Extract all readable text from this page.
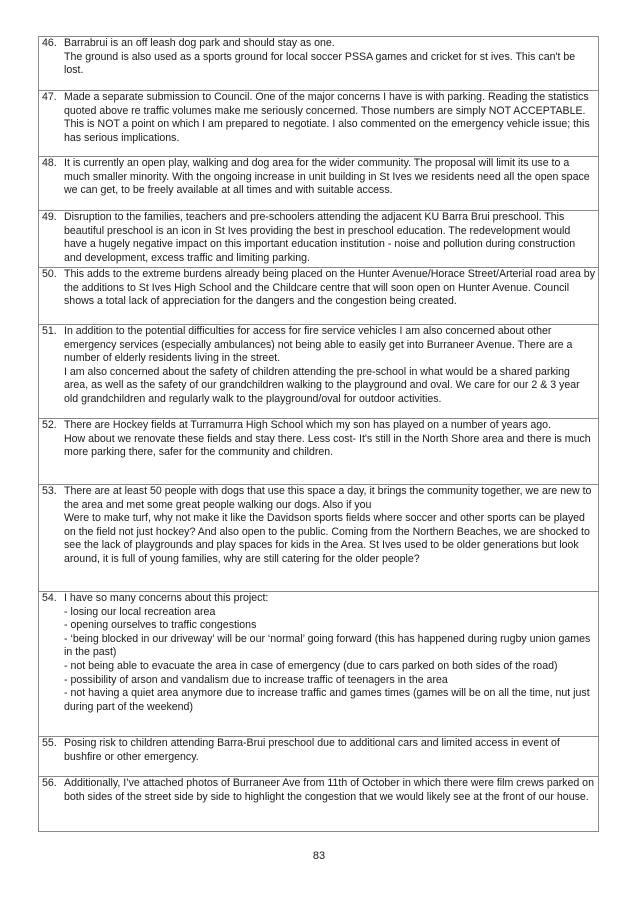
46. Barrabrui is an off leash dog park and should stay as one.
The ground is also used as a sports ground for local soccer PSSA games and cricket for st ives. This can't be lost.

47. Made a separate submission to Council. One of the major concerns I have is with parking. Reading the statistics quoted above re traffic volumes make me seriously concerned. Those numbers are simply NOT ACCEPTABLE. This is NOT a point on which I am prepared to negotiate. I also commented on the emergency vehicle issue; this has serious implications.

48. It is currently an open play, walking and dog area for the wider community. The proposal will limit its use to a much smaller minority. With the ongoing increase in unit building in St Ives we residents need all the open space we can get, to be freely available at all times and with suitable access.

49. Disruption to the families, teachers and pre-schoolers attending the adjacent KU Barra Brui preschool. This beautiful preschool is an icon in St Ives providing the best in preschool education. The redevelopment would have a hugely negative impact on this important education institution - noise and pollution during construction and development, excess traffic and limiting parking.

50. This adds to the extreme burdens already being placed on the Hunter Avenue/Horace Street/Arterial road area by the additions to St Ives High School and the Childcare centre that will soon open on Hunter Avenue. Council shows a total lack of appreciation for the dangers and the congestion being created.

51. In addition to the potential difficulties for access for fire service vehicles I am also concerned about other emergency services (especially ambulances) not being able to easily get into Burraneer Avenue. There are a number of elderly residents living in the street.
I am also concerned about the safety of children attending the pre-school in what would be a shared parking area, as well as the safety of our grandchildren walking to the playground and oval. We care for our 2 & 3 year old grandchildren and regularly walk to the playground/oval for outdoor activities.

52. There are Hockey fields at Turramurra High School which my son has played on a number of years ago.
How about we renovate these fields and stay there. Less cost- It's still in the North Shore area and there is much more parking there, safer for the community and children.

53. There are at least 50 people with dogs that use this space a day, it brings the community together, we are new to the area and met some great people walking our dogs. Also if you
Were to make turf, why not make it like the Davidson sports fields where soccer and other sports can be played on the field not just hockey? And also open to the public. Coming from the Northern Beaches, we are shocked to see the lack of playgrounds and play spaces for kids in the Area. St Ives used to be older generations but look around, it is full of young families, why are still catering for the older people?

54. I have so many concerns about this project:
- losing our local recreation area
- opening ourselves to traffic congestions
- ‘being blocked in our driveway’ will be our ‘normal’ going forward (this has happened during rugby union games in the past)
- not being able to evacuate the area in case of emergency (due to cars parked on both sides of the road)
- possibility of arson and vandalism due to increase traffic of teenagers in the area
- not having a quiet area anymore due to increase traffic and games times (games will be on all the time, nut just during part of the weekend)

55. Posing risk to children attending Barra-Brui preschool due to additional cars and limited access in event of bushfire or other emergency.

56. Additionally, I’ve attached photos of Burraneer Ave from 11th of October in which there were film crews parked on both sides of the street side by side to highlight the congestion that we would likely see at the front of our house.
83
